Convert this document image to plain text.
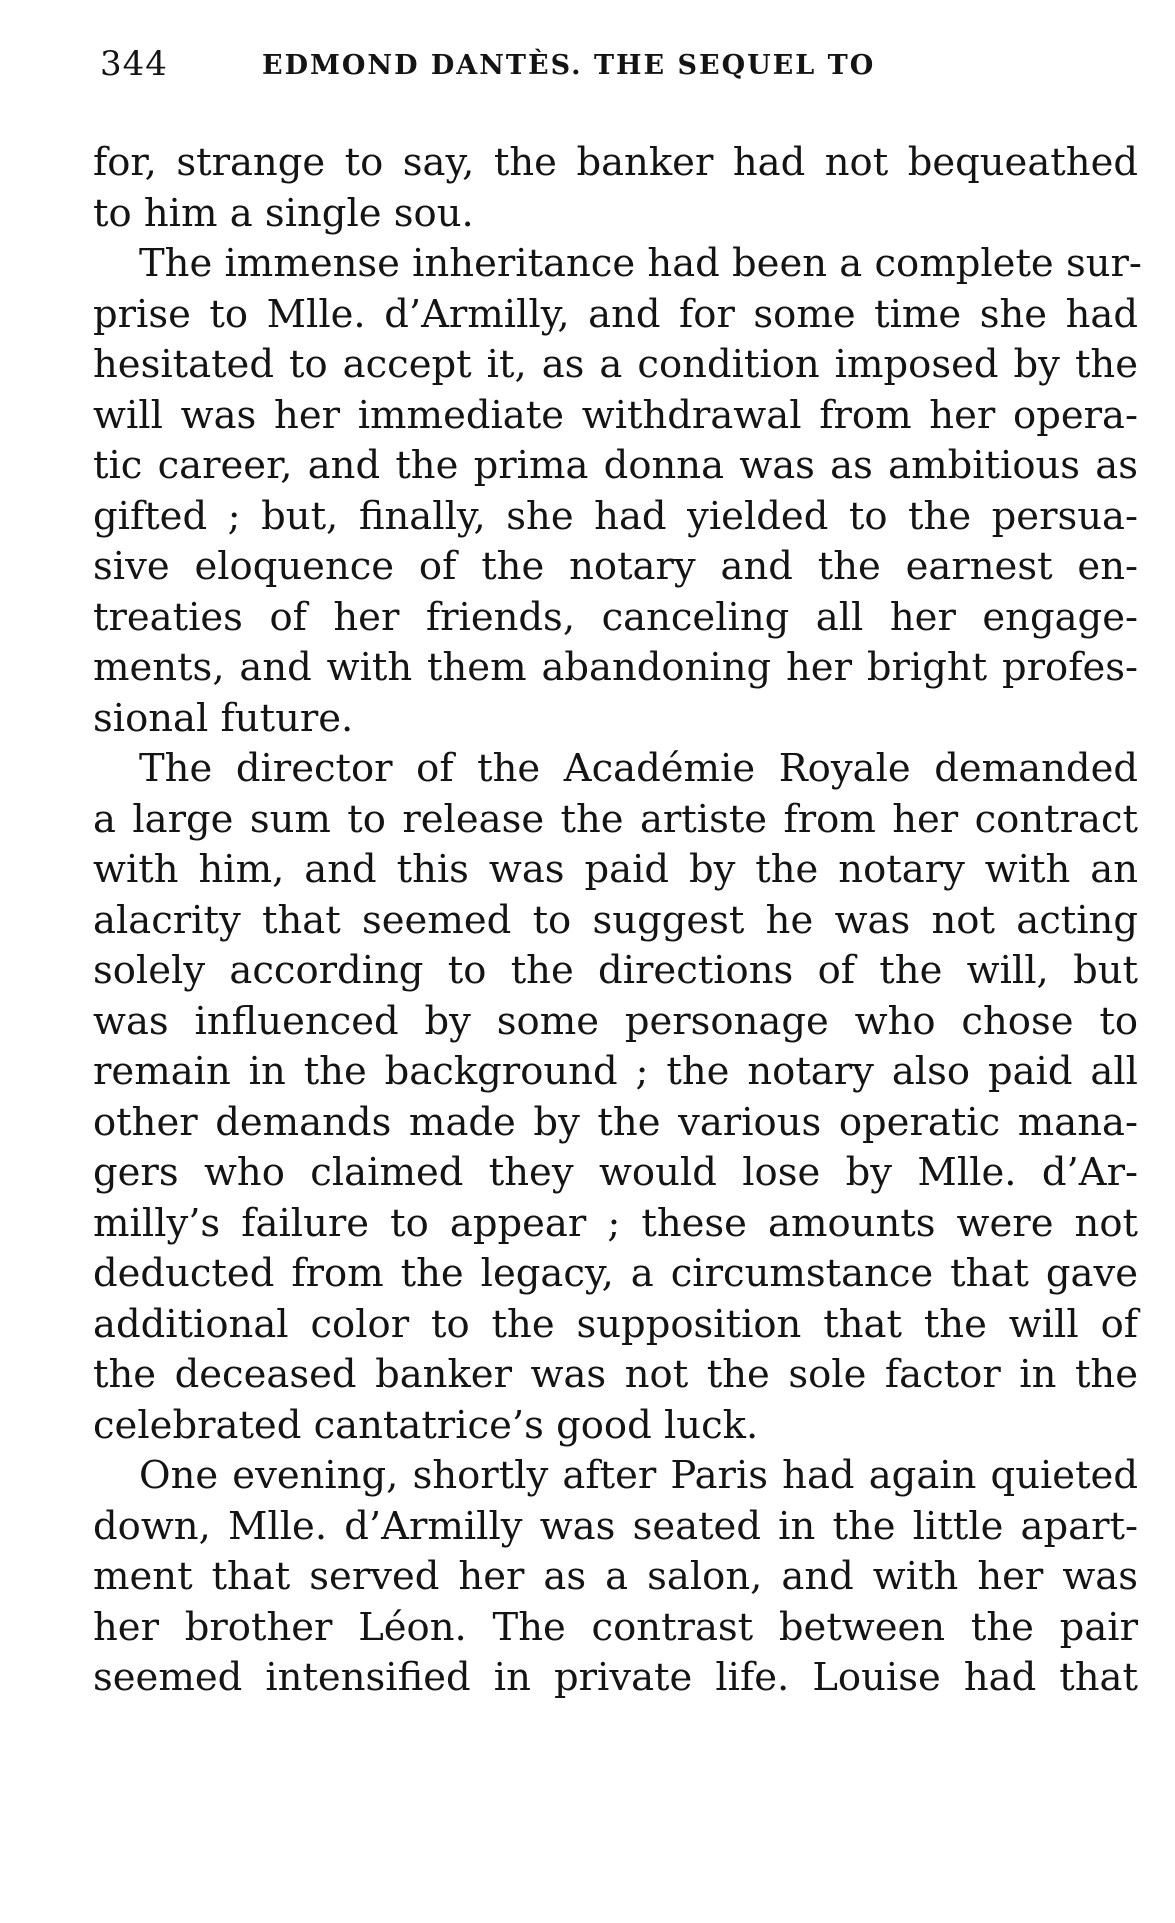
344	EDMOND DANTÈS. THE SEQUEL TO
for, strange to say, the banker had not bequeathed
to him a single sou.
The immense inheritance had been a complete sur-
prise to Mlle. d’Armilly, and for some time she had
hesitated to accept it, as a condition imposed by the
will was her immediate withdrawal from her opera-
tic career, and the prima donna was as ambitious as
gifted ; but, finally, she had yielded to the persua-
sive eloquence of the notary and the earnest en-
treaties of her friends, canceling all her engage-
ments, and with them abandoning her bright profes-
sional future.
The director of the Académie Royale demanded
a large sum to release the artiste from her contract
with him, and this was paid by the notary with an
alacrity that seemed to suggest he was not acting
solely according to the directions of the will, but
was influenced by some personage who chose to
remain in the background ; the notary also paid all
other demands made by the various operatic mana-
gers who claimed they would lose by Mlle. d’Ar-
milly’s failure to appear ; these amounts were not
deducted from the legacy, a circumstance that gave
additional color to the supposition that the will of
the deceased banker was not the sole factor in the
celebrated cantatrice’s good luck.
One evening, shortly after Paris had again quieted
down, Mlle. d’Armilly was seated in the little apart-
ment that served her as a salon, and with her was
her brother Léon. The contrast between the pair
seemed intensified in private life. Louise had that
